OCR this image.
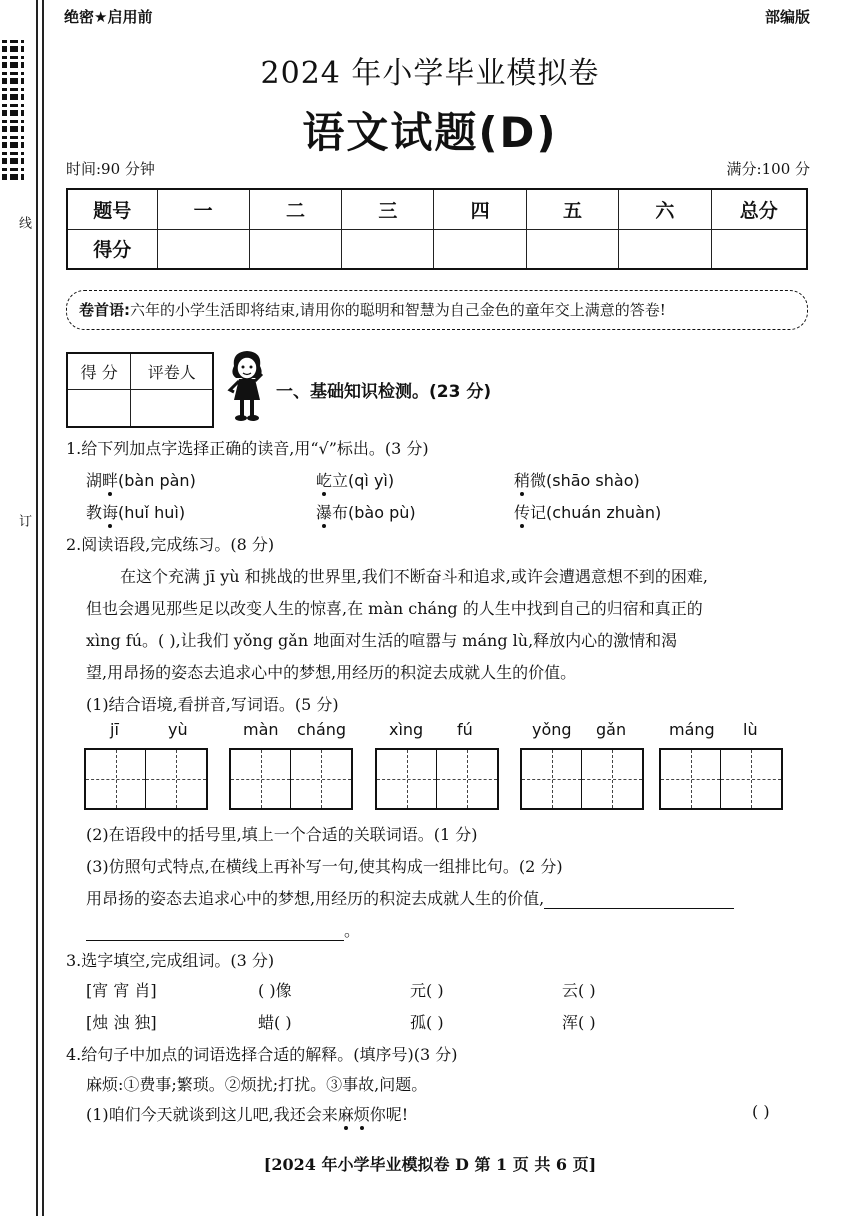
线
订
绝密★启用前	部编版
2024 年小学毕业模拟卷
语文试题(D)
时间:90 分钟	满分:100 分
题号	一	二	三	四	五	六	总分
得分							
卷首语:六年的小学生活即将结束,请用你的聪明和智慧为自己金色的童年交上满意的答卷!
得 分	评卷人

一、基础知识检测。(23 分)
1.给下列加点字选择正确的读音,用“√”标出。(3 分)
湖畔(bàn pàn)	屹立(qì yì)	稍微(shāo shào)
教诲(huǐ huì)	瀑布(bào pù)	传记(chuán zhuàn)
2.阅读语段,完成练习。(8 分)
在这个充满 jī yù 和挑战的世界里,我们不断奋斗和追求,或许会遭遇意想不到的困难,
但也会遇见那些足以改变人生的惊喜,在 màn cháng 的人生中找到自己的归宿和真正的
xìng fú。( ),让我们 yǒng gǎn 地面对生活的喧嚣与 máng lù,释放内心的激情和渴
望,用昂扬的姿态去追求心中的梦想,用经历的积淀去成就人生的价值。
(1)结合语境,看拼音,写词语。(5 分)
jī	yù	màn cháng	xìng fú	yǒng gǎn	máng lù
(2)在语段中的括号里,填上一个合适的关联词语。(1 分)
(3)仿照句式特点,在横线上再补写一句,使其构成一组排比句。(2 分)
用昂扬的姿态去追求心中的梦想,用经历的积淀去成就人生的价值,
。
3.选字填空,完成组词。(3 分)
[宵 宵 肖]	( )像	元( )	云( )
[烛 浊 独]	蜡( )	孤( )	浑( )
4.给句子中加点的词语选择合适的解释。(填序号)(3 分)
麻烦:①费事;繁琐。②烦扰;打扰。③事故,问题。
(1)咱们今天就谈到这儿吧,我还会来麻烦你呢!	( )
[2024 年小学毕业模拟卷 D 第 1 页 共 6 页]
